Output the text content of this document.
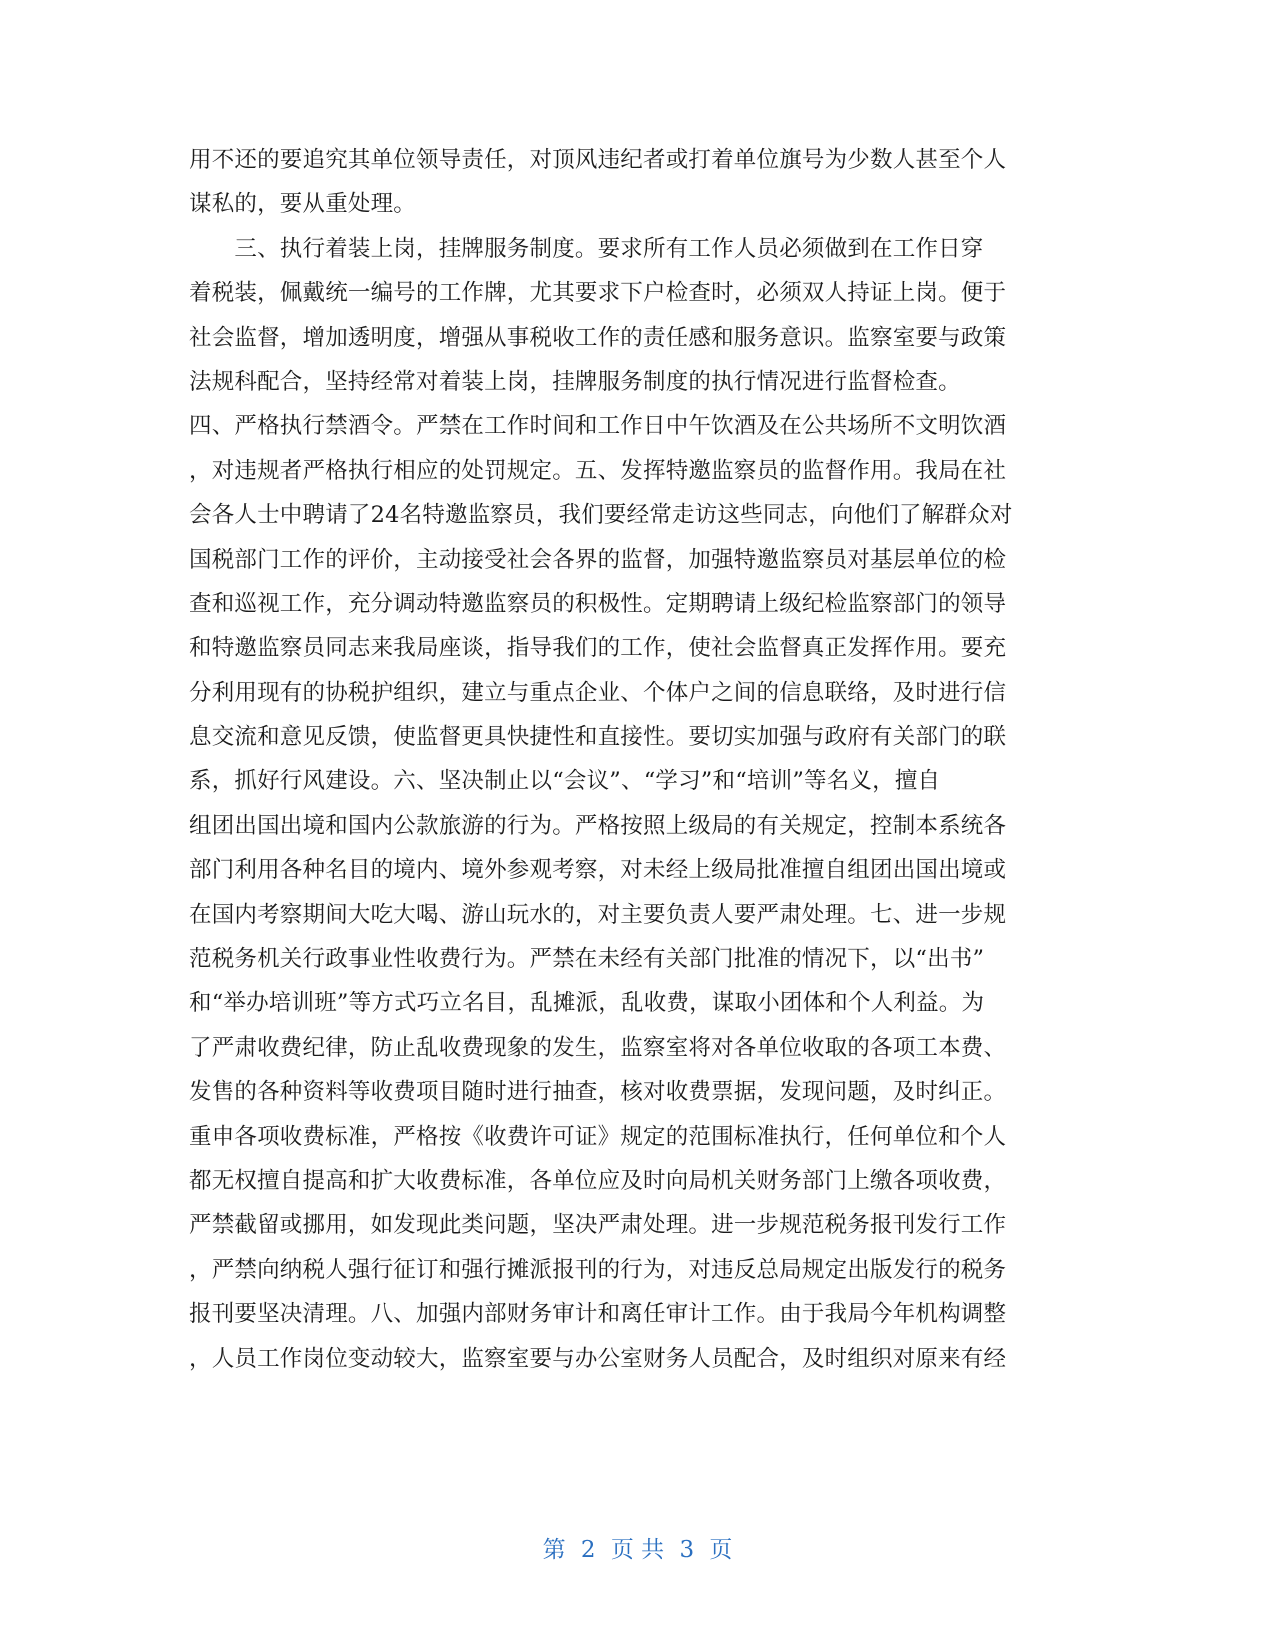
用不还的要追究其单位领导责任，对顶风违纪者或打着单位旗号为少数人甚至个人
谋私的，要从重处理。
　　三、执行着装上岗，挂牌服务制度。要求所有工作人员必须做到在工作日穿
着税装，佩戴统一编号的工作牌，尤其要求下户检查时，必须双人持证上岗。便于
社会监督，增加透明度，增强从事税收工作的责任感和服务意识。监察室要与政策
法规科配合，坚持经常对着装上岗，挂牌服务制度的执行情况进行监督检查。
四、严格执行禁酒令。严禁在工作时间和工作日中午饮酒及在公共场所不文明饮酒
，对违规者严格执行相应的处罚规定。五、发挥特邀监察员的监督作用。我局在社
会各人士中聘请了24名特邀监察员，我们要经常走访这些同志，向他们了解群众对
国税部门工作的评价，主动接受社会各界的监督，加强特邀监察员对基层单位的检
查和巡视工作，充分调动特邀监察员的积极性。定期聘请上级纪检监察部门的领导
和特邀监察员同志来我局座谈，指导我们的工作，使社会监督真正发挥作用。要充
分利用现有的协税护组织，建立与重点企业、个体户之间的信息联络，及时进行信
息交流和意见反馈，使监督更具快捷性和直接性。要切实加强与政府有关部门的联
系，抓好行风建设。六、坚决制止以“会议”、“学习”和“培训”等名义，擅自
组团出国出境和国内公款旅游的行为。严格按照上级局的有关规定，控制本系统各
部门利用各种名目的境内、境外参观考察，对未经上级局批准擅自组团出国出境或
在国内考察期间大吃大喝、游山玩水的，对主要负责人要严肃处理。七、进一步规
范税务机关行政事业性收费行为。严禁在未经有关部门批准的情况下，以“出书”
和“举办培训班”等方式巧立名目，乱摊派，乱收费，谋取小团体和个人利益。为
了严肃收费纪律，防止乱收费现象的发生，监察室将对各单位收取的各项工本费、
发售的各种资料等收费项目随时进行抽查，核对收费票据，发现问题，及时纠正。
重申各项收费标准，严格按《收费许可证》规定的范围标准执行，任何单位和个人
都无权擅自提高和扩大收费标准，各单位应及时向局机关财务部门上缴各项收费，
严禁截留或挪用，如发现此类问题，坚决严肃处理。进一步规范税务报刊发行工作
，严禁向纳税人强行征订和强行摊派报刊的行为，对违反总局规定出版发行的税务
报刊要坚决清理。八、加强内部财务审计和离任审计工作。由于我局今年机构调整
，人员工作岗位变动较大，监察室要与办公室财务人员配合，及时组织对原来有经
第 2 页 共 3 页
